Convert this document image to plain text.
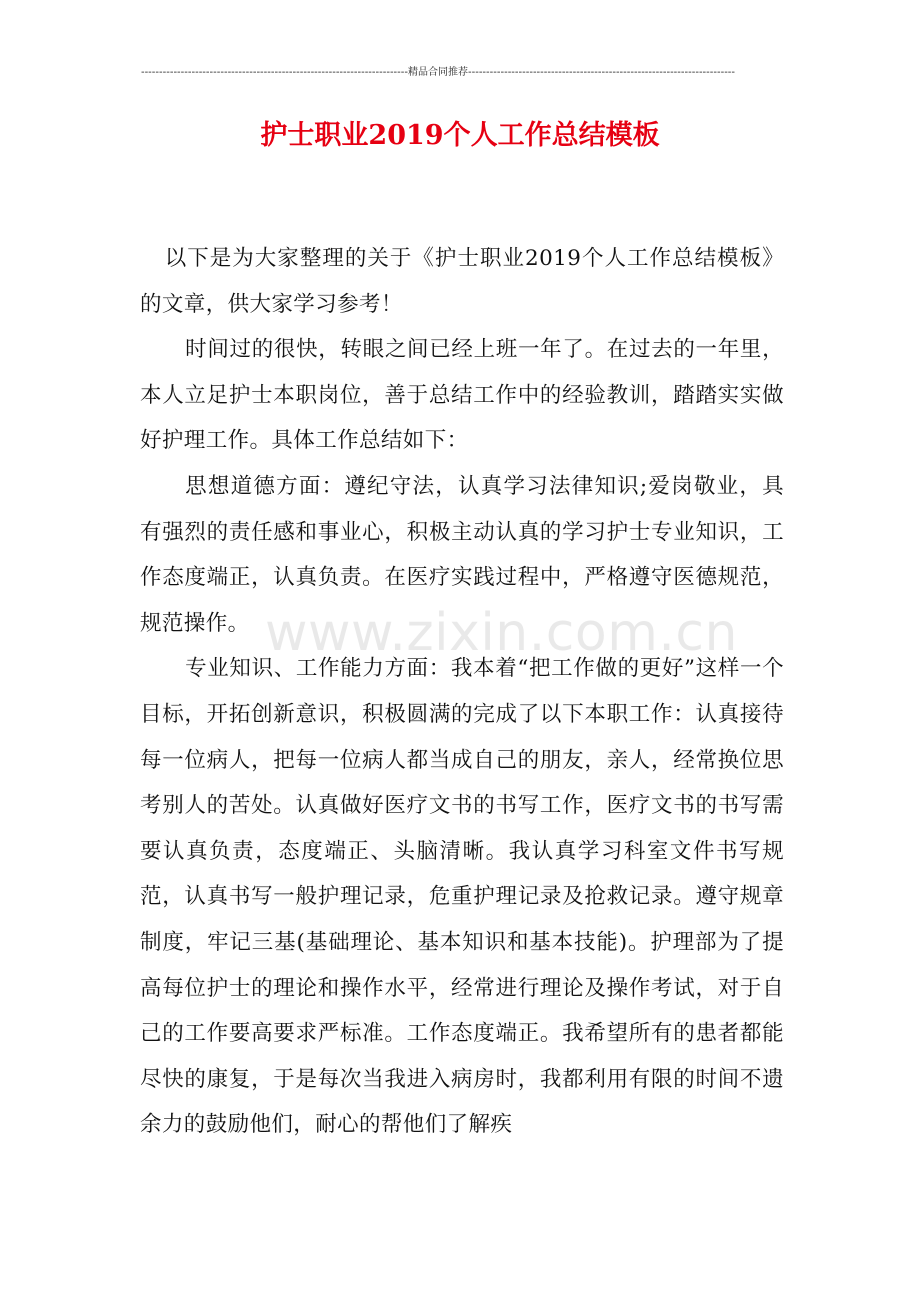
--------------------------------------------------------------------------精品合同推荐--------------------------------------------------------------------------
护士职业2019个人工作总结模板

以下是为大家整理的关于《护士职业2019个人工作总结模板》的文章，供大家学习参考！

时间过的很快，转眼之间已经上班一年了。在过去的一年里，本人立足护士本职岗位，善于总结工作中的经验教训，踏踏实实做好护理工作。具体工作总结如下：

思想道德方面：遵纪守法，认真学习法律知识;爱岗敬业，具有强烈的责任感和事业心，积极主动认真的学习护士专业知识，工作态度端正，认真负责。在医疗实践过程中，严格遵守医德规范，规范操作。

专业知识、工作能力方面：我本着“把工作做的更好”这样一个目标，开拓创新意识，积极圆满的完成了以下本职工作：认真接待每一位病人，把每一位病人都当成自己的朋友，亲人，经常换位思考别人的苦处。认真做好医疗文书的书写工作，医疗文书的书写需要认真负责，态度端正、头脑清晰。我认真学习科室文件书写规范，认真书写一般护理记录，危重护理记录及抢救记录。遵守规章制度，牢记三基(基础理论、基本知识和基本技能)。护理部为了提高每位护士的理论和操作水平，经常进行理论及操作考试，对于自己的工作要高要求严标准。工作态度端正。我希望所有的患者都能尽快的康复，于是每次当我进入病房时，我都利用有限的时间不遗余力的鼓励他们，耐心的帮他们了解疾

www.zixin.com.cn
